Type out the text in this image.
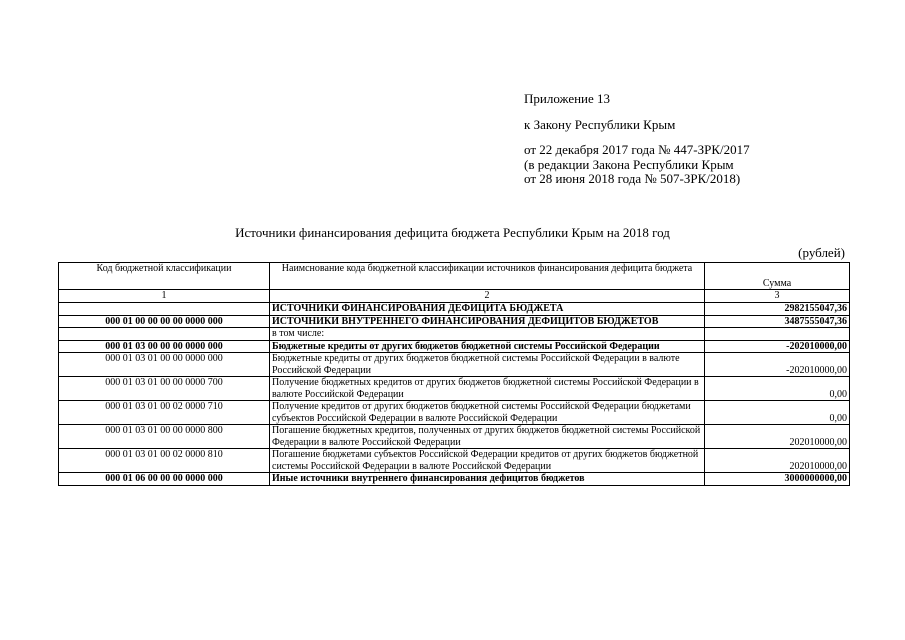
Приложение 13
к Закону Республики Крым
от 22 декабря 2017 года № 447-ЗРК/2017
(в редакции Закона Республики Крым
от 28 июня 2018 года № 507-ЗРК/2018)
Источники финансирования дефицита бюджета Республики Крым на 2018 год
(рублей)
Код бюджетной классификации	Наимснование кода бюджетной классификации источников финансирования дефицита бюджета	Сумма
1	2	3
	ИСТОЧНИКИ ФИНАНСИРОВАНИЯ ДЕФИЦИТА БЮДЖЕТА	2982155047,36
000 01 00 00 00 00 0000 000	ИСТОЧНИКИ ВНУТРЕННЕГО ФИНАНСИРОВАНИЯ ДЕФИЦИТОВ БЮДЖЕТОВ	3487555047,36
	в том числе:	
000 01 03 00 00 00 0000 000	Бюджетные кредиты от других бюджетов бюджетной системы Российской Федерации	-202010000,00
000 01 03 01 00 00 0000 000	Бюджетные кредиты от других бюджетов бюджетной системы Российской Федерации в валюте Российской Федерации	-202010000,00
000 01 03 01 00 00 0000 700	Получение бюджетных кредитов от других бюджетов бюджетной системы Российской Федерации в валюте Российской Федерации	0,00
000 01 03 01 00 02 0000 710	Получение кредитов от других бюджетов бюджетной системы Российской Федерации бюджетами субъектов Российской Федерации в валюте Российской Федерации	0,00
000 01 03 01 00 00 0000 800	Погашение бюджетных кредитов, полученных от других бюджетов бюджетной системы Российской Федерации в валюте Российской Федерации	202010000,00
000 01 03 01 00 02 0000 810	Погашение бюджетами субъектов Российской Федерации кредитов от других бюджетов бюджетной системы Российской Федерации в валюте Российской Федерации	202010000,00
000 01 06 00 00 00 0000 000	Иные источники внутреннего финансирования дефицитов бюджетов	3000000000,00
